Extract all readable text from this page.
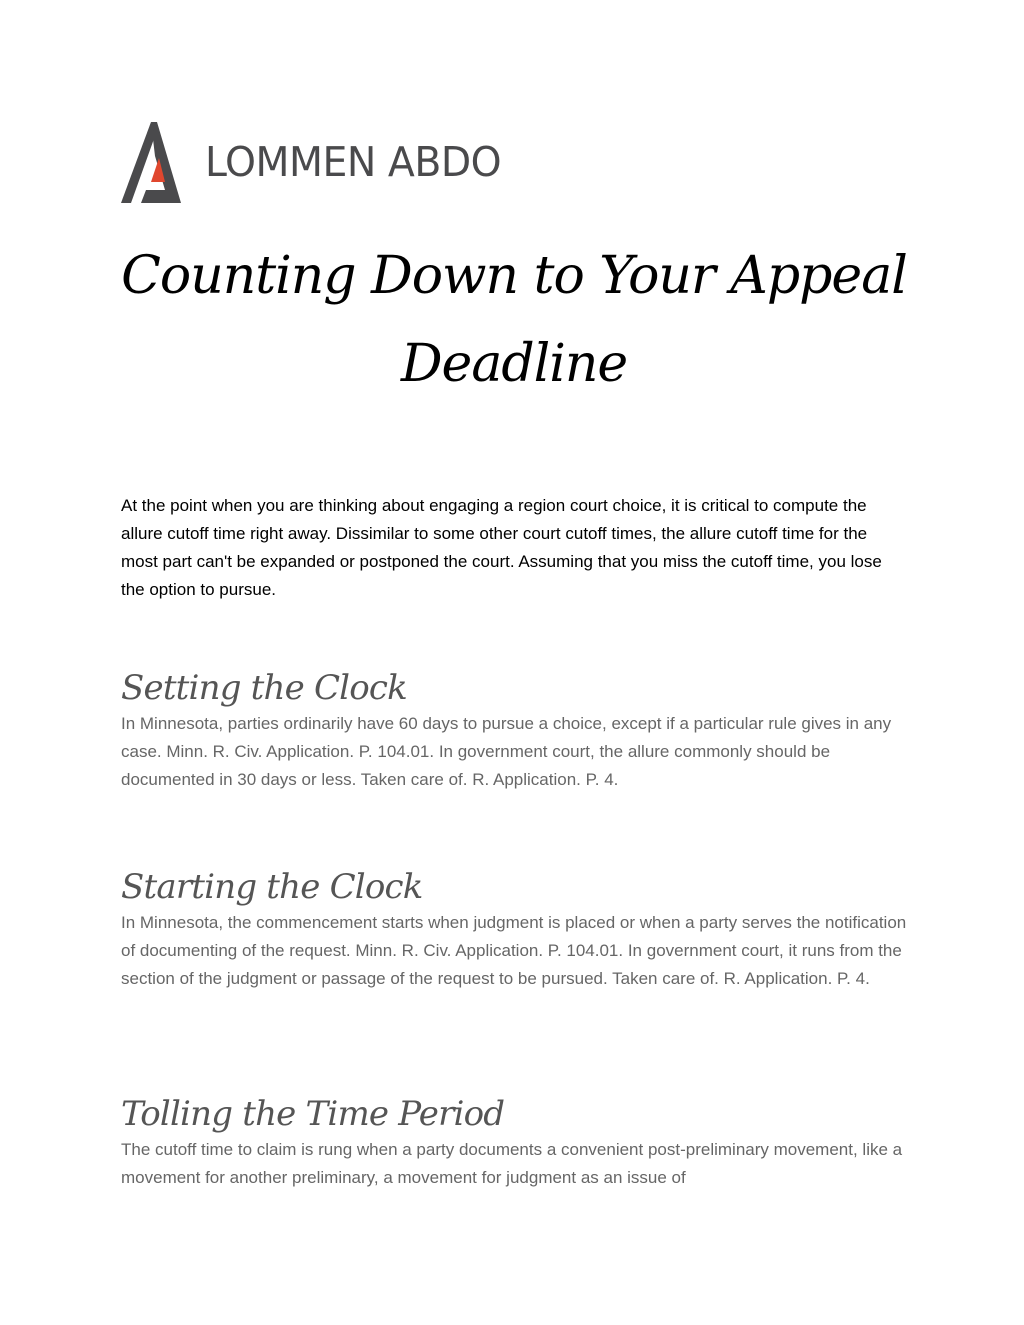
LOMMEN ABDO
Counting Down to Your Appeal Deadline

At the point when you are thinking about engaging a region court choice, it is critical to compute the allure cutoff time right away. Dissimilar to some other court cutoff times, the allure cutoff time for the most part can't be expanded or postponed the court. Assuming that you miss the cutoff time, you lose the option to pursue.

Setting the Clock

In Minnesota, parties ordinarily have 60 days to pursue a choice, except if a particular rule gives in any case. Minn. R. Civ. Application. P. 104.01. In government court, the allure commonly should be documented in 30 days or less. Taken care of. R. Application. P. 4.

Starting the Clock

In Minnesota, the commencement starts when judgment is placed or when a party serves the notification of documenting of the request. Minn. R. Civ. Application. P. 104.01. In government court, it runs from the section of the judgment or passage of the request to be pursued. Taken care of. R. Application. P. 4.

Tolling the Time Period

The cutoff time to claim is rung when a party documents a convenient post-preliminary movement, like a movement for another preliminary, a movement for judgment as an issue of
